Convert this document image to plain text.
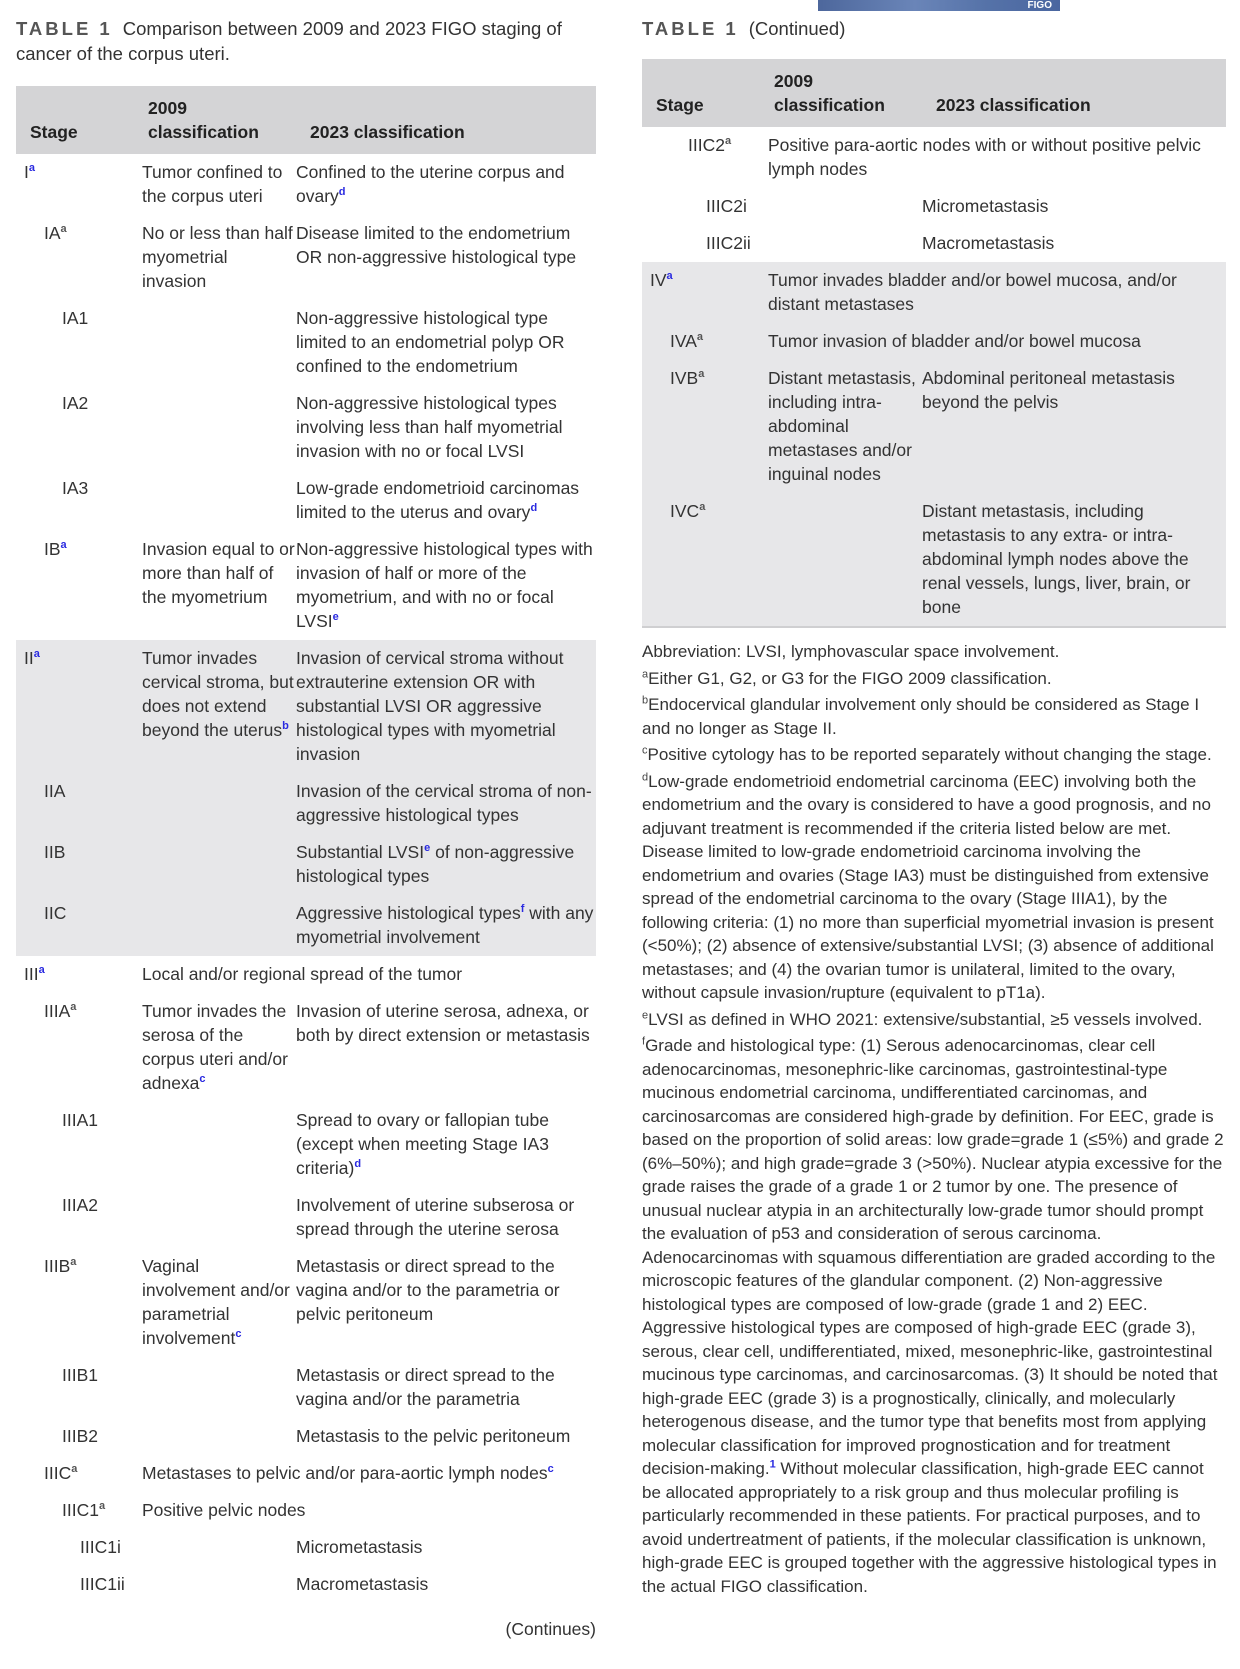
FIGO
TABLE 1 Comparison between 2009 and 2023 FIGO staging of cancer of the corpus uteri.
Stage	2009
classification	2023 classification
I$^a$	Tumor confined to the corpus uteri	Confined to the uterine corpus and ovary$^d$
IA$^a$	No or less than half myometrial invasion	Disease limited to the endometrium OR non-aggressive histological type
IA1		Non-aggressive histological type limited to an endometrial polyp OR confined to the endometrium
IA2		Non-aggressive histological types involving less than half myometrial invasion with no or focal LVSI
IA3		Low-grade endometrioid carcinomas limited to the uterus and ovary$^d$
IB$^a$	Invasion equal to or more than half of the myometrium	Non-aggressive histological types with invasion of half or more of the myometrium, and with no or focal LVSI$^e$
II$^a$	Tumor invades cervical stroma, but does not extend beyond the uterus$^b$	Invasion of cervical stroma without extrauterine extension OR with substantial LVSI OR aggressive histological types with myometrial invasion
IIA		Invasion of the cervical stroma of non-aggressive histological types
IIB		Substantial LVSI$^e$ of non-aggressive histological types
IIC		Aggressive histological types$^f$ with any myometrial involvement
III$^a$	Local and/or regional spread of the tumor	
IIIA$^a$	Tumor invades the serosa of the corpus uteri and/or adnexa$^c$	Invasion of uterine serosa, adnexa, or both by direct extension or metastasis
IIIA1		Spread to ovary or fallopian tube (except when meeting Stage IA3 criteria)$^d$
IIIA2		Involvement of uterine subserosa or spread through the uterine serosa
IIIB$^a$	Vaginal involvement and/or parametrial involvement$^c$	Metastasis or direct spread to the vagina and/or to the parametria or pelvic peritoneum
IIIB1		Metastasis or direct spread to the vagina and/or the parametria
IIIB2		Metastasis to the pelvic peritoneum
IIIC$^a$	Metastases to pelvic and/or para-aortic lymph nodes$^c$
IIIC1$^a$	Positive pelvic nodes	
IIIC1i		Micrometastasis
IIIC1ii		Macrometastasis
(Continues)
TABLE 1 (Continued)
Stage	2009
classification	2023 classification
IIIC2$^a$	Positive para-aortic nodes with or without positive pelvic lymph nodes	
IIIC2i		Micrometastasis
IIIC2ii		Macrometastasis
IV$^a$	Tumor invades bladder and/or bowel mucosa, and/or distant metastases	
IVA$^a$	Tumor invasion of bladder and/or bowel mucosa	
IVB$^a$	Distant metastasis, including intra-abdominal metastases and/or inguinal nodes	Abdominal peritoneal metastasis beyond the pelvis
IVC$^a$		Distant metastasis, including metastasis to any extra- or intra-abdominal lymph nodes above the renal vessels, lungs, liver, brain, or bone

Abbreviation: LVSI, lymphovascular space involvement.

$^a$Either G1, G2, or G3 for the FIGO 2009 classification.

$^b$Endocervical glandular involvement only should be considered as Stage I and no longer as Stage II.

$^c$Positive cytology has to be reported separately without changing the stage.

$^d$Low-grade endometrioid endometrial carcinoma (EEC) involving both the endometrium and the ovary is considered to have a good prognosis, and no adjuvant treatment is recommended if the criteria listed below are met. Disease limited to low-grade endometrioid carcinoma involving the endometrium and ovaries (Stage IA3) must be distinguished from extensive spread of the endometrial carcinoma to the ovary (Stage IIIA1), by the following criteria: (1) no more than superficial myometrial invasion is present (<50%); (2) absence of extensive/substantial LVSI; (3) absence of additional metastases; and (4) the ovarian tumor is unilateral, limited to the ovary, without capsule invasion/rupture (equivalent to pT1a).

$^e$LVSI as defined in WHO 2021: extensive/substantial, ≥5 vessels involved.

$^f$Grade and histological type: (1) Serous adenocarcinomas, clear cell adenocarcinomas, mesonephric-like carcinomas, gastrointestinal-type mucinous endometrial carcinoma, undifferentiated carcinomas, and carcinosarcomas are considered high-grade by definition. For EEC, grade is based on the proportion of solid areas: low grade=grade 1 (≤5%) and grade 2 (6%–50%); and high grade=grade 3 (>50%). Nuclear atypia excessive for the grade raises the grade of a grade 1 or 2 tumor by one. The presence of unusual nuclear atypia in an architecturally low-grade tumor should prompt the evaluation of p53 and consideration of serous carcinoma. Adenocarcinomas with squamous differentiation are graded according to the microscopic features of the glandular component. (2) Non-aggressive histological types are composed of low-grade (grade 1 and 2) EEC. Aggressive histological types are composed of high-grade EEC (grade 3), serous, clear cell, undifferentiated, mixed, mesonephric-like, gastrointestinal mucinous type carcinomas, and carcinosarcomas. (3) It should be noted that high-grade EEC (grade 3) is a prognostically, clinically, and molecularly heterogenous disease, and the tumor type that benefits most from applying molecular classification for improved prognostication and for treatment decision-making.$^1$ Without molecular classification, high-grade EEC cannot be allocated appropriately to a risk group and thus molecular profiling is particularly recommended in these patients. For practical purposes, and to avoid undertreatment of patients, if the molecular classification is unknown, high-grade EEC is grouped together with the aggressive histological types in the actual FIGO classification.
